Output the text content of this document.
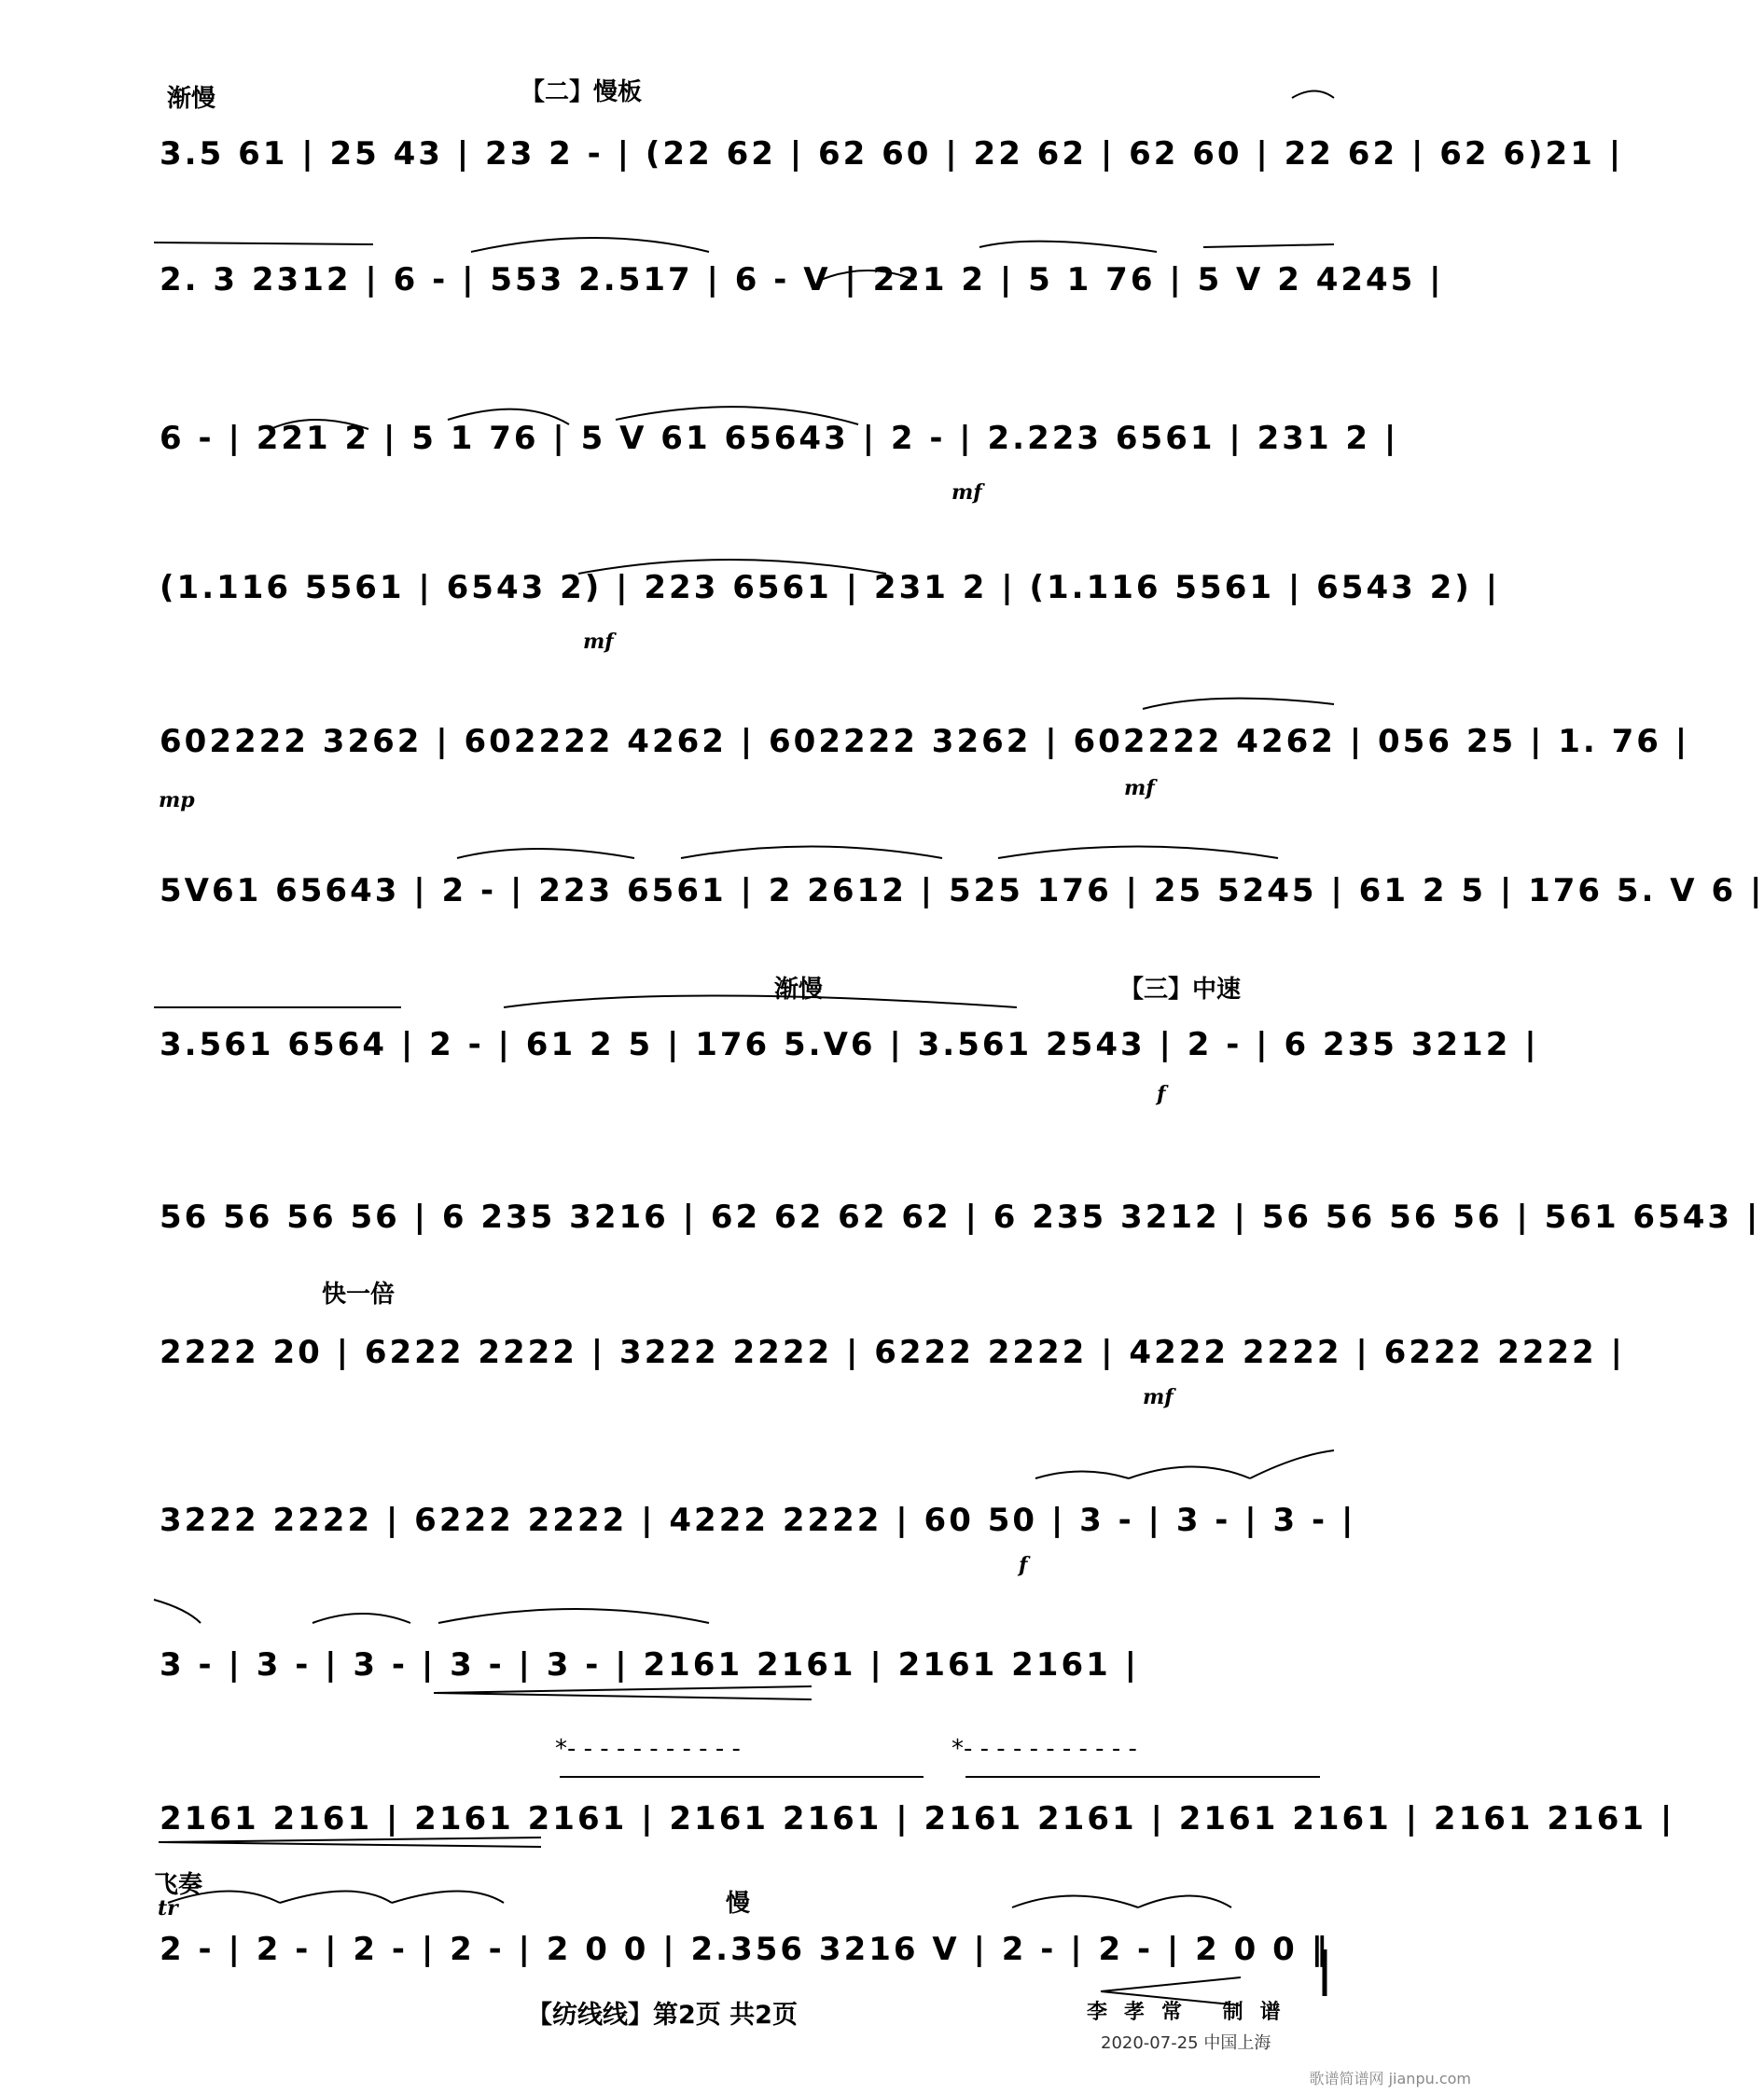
渐慢	【二】慢板
3.5 61 | 25 43 | 23 2 - | (22 62 | 62 60 | 22 62 | 62 60 | 22 62 | 62 6)21 |
2. 3 2312 | 6 - | 553 2.517 | 6 - V | 221 2 | 5 1 76 | 5 V 2 4245 |
mf
6 - | 221 2 | 5 1 76 | 5 V 61 65643 | 2 - | 2.223 6561 | 231 2 |
mf
(1.116 5561 | 6543 2) | 223 6561 | 231 2 | (1.116 5561 | 6543 2) |
mp	mf
602222 3262 | 602222 4262 | 602222 3262 | 602222 4262 | 056 25 | 1. 76 |
5V61 65643 | 2 - | 223 6561 | 2 2612 | 525 176 | 25 5245 | 61 2 5 | 176 5. V 6 |
渐慢	【三】中速
f
3.561 6564 | 2 - | 61 2 5 | 176 5.V6 | 3.561 2543 | 2 - | 6 235 3212 |
56 56 56 56 | 6 235 3216 | 62 62 62 62 | 6 235 3212 | 56 56 56 56 | 561 6543 |
快一倍
mf
2222 20 | 6222 2222 | 3222 2222 | 6222 2222 | 4222 2222 | 6222 2222 |
f
3222 2222 | 6222 2222 | 4222 2222 | 60 50 | 3 - | 3 - | 3 - |
3 - | 3 - | 3 - | 3 - | 3 - | 2161 2161 | 2161 2161 |
*- - - - - - - - - - -	*- - - - - - - - - - -
2161 2161 | 2161 2161 | 2161 2161 | 2161 2161 | 2161 2161 | 2161 2161 |
飞奏
tr	慢
2 - | 2 - | 2 - | 2 - | 2 0 0 | 2.356 3216 V | 2 - | 2 - | 2 0 0 ‖
【纺线线】第2页 共2页	李孝常 制谱
2020-07-25 中国上海
歌谱简谱网 jianpu.com
